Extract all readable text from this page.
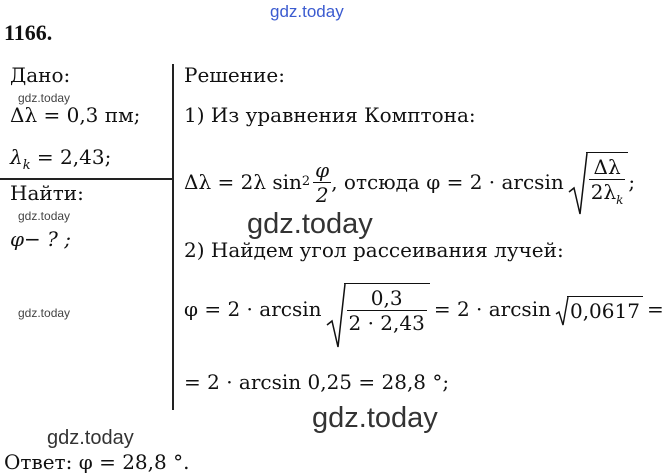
gdz.today
gdz.today
gdz.today
gdz.today
gdz.today
gdz.today
gdz.today
1166.
Дано:
Δλ = 0,3 пм;
$\lambda_k = 2,43$;
Найти:
φ− ? ;
Решение:
1) Из уравнения Комптона:
Δλ = 2λ $\sin 2 \frac{\varphi}{2}$ , отсюда $\varphi = 2 \cdot \arcsin \frac{\Delta\lambda}{2\lambda_k}$ ;
2) Найдем угол рассеивания лучей:
$\varphi = 2 \cdot \arcsin \frac{0,3}{2 \cdot 2,43} = 2 \cdot \arcsin 0,0617$ =
= 2 · arcsin 0,25 = 28,8 °;
Ответ: φ = 28,8 °.
